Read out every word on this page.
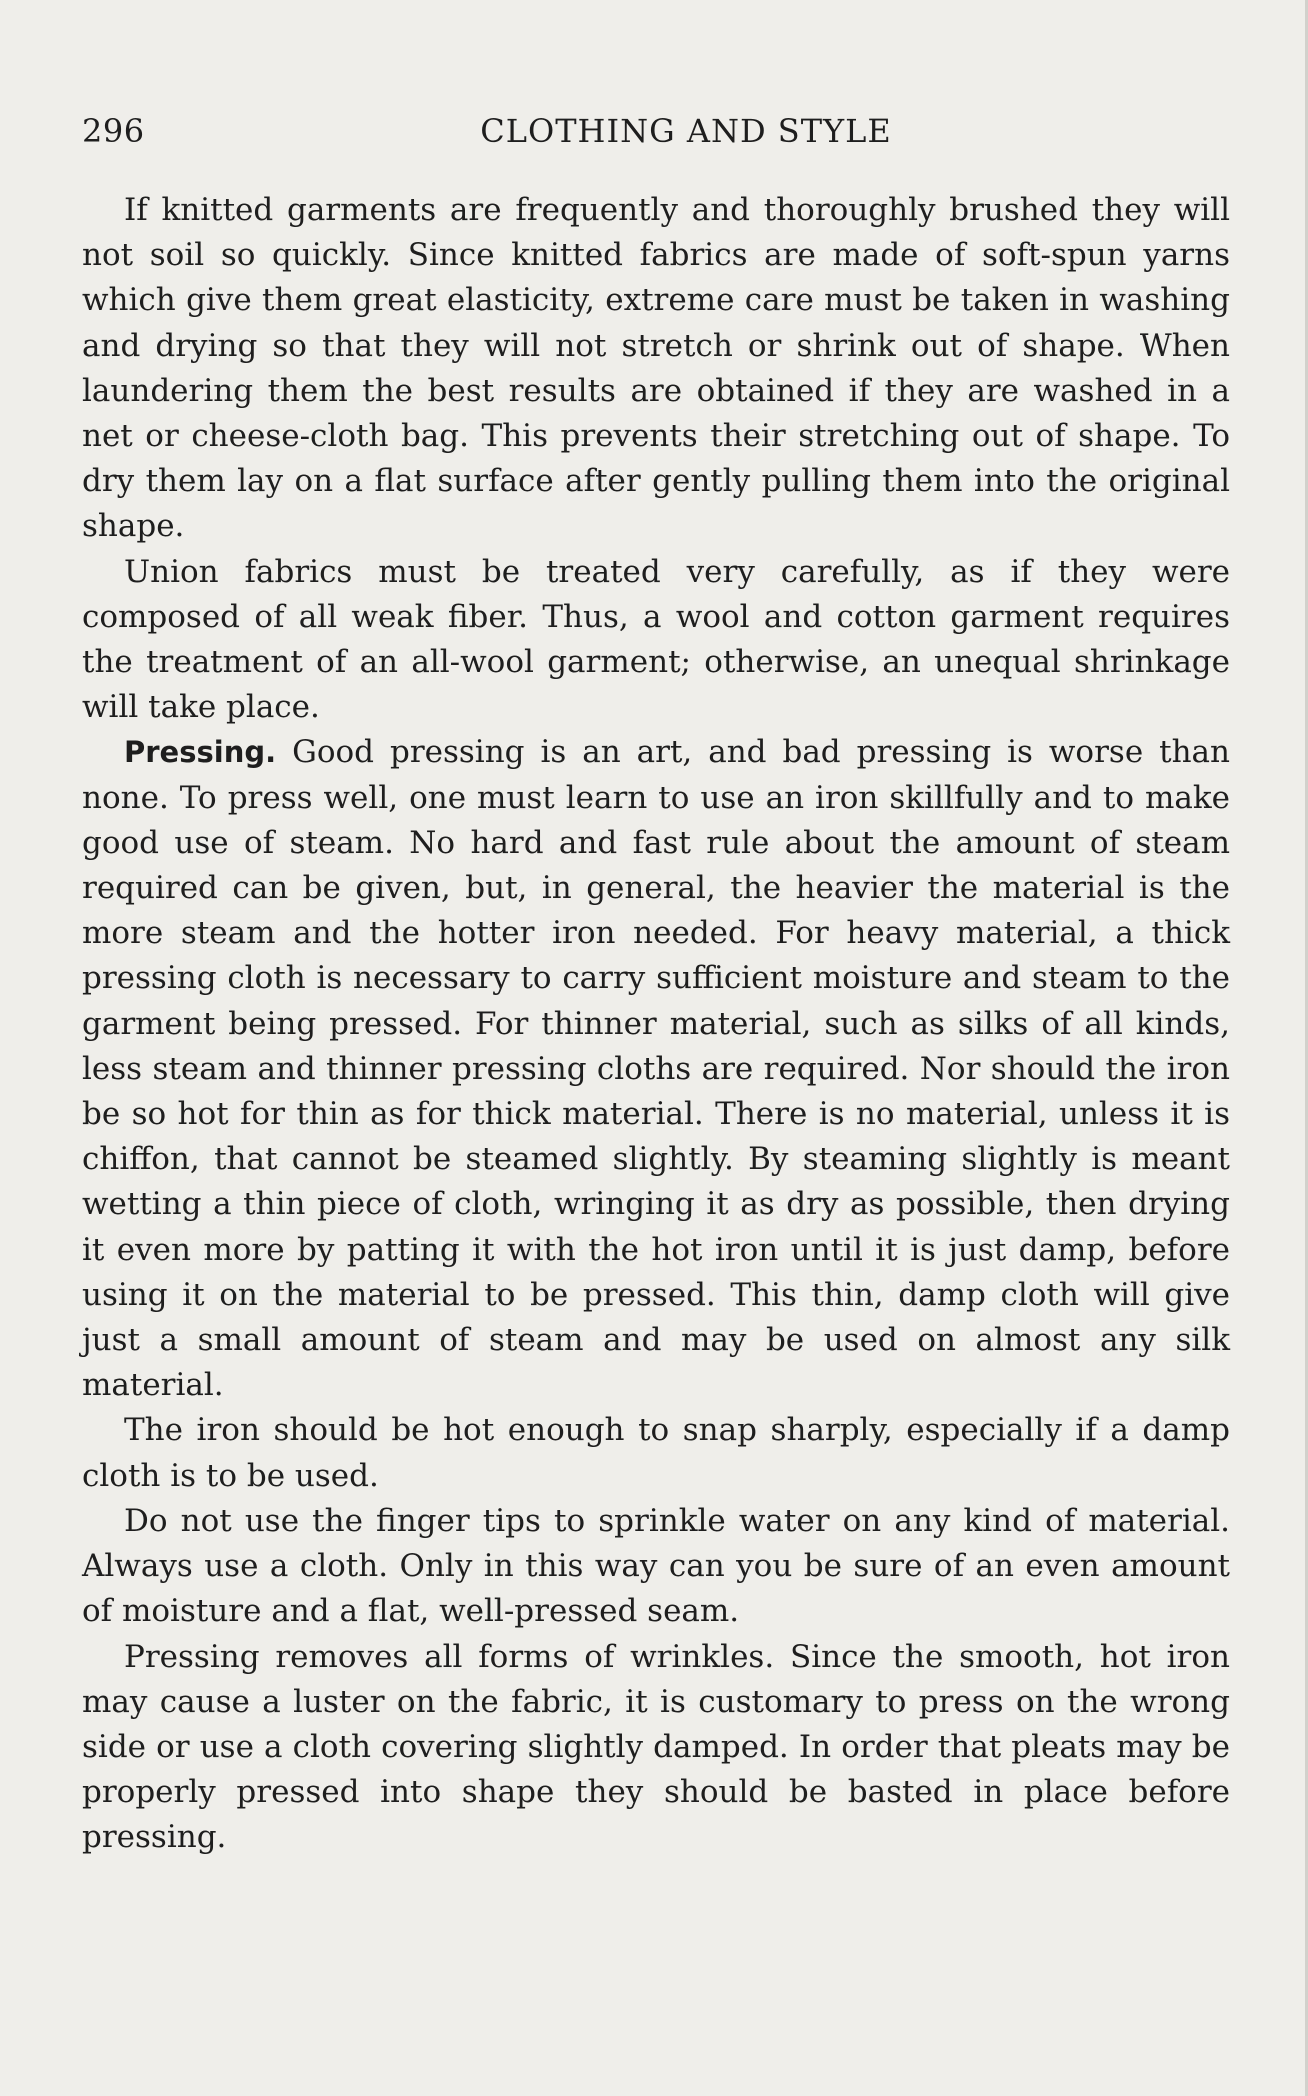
296	CLOTHING AND STYLE

If knitted garments are frequently and thoroughly brushed they will not soil so quickly. Since knitted fabrics are made of soft-spun yarns which give them great elasticity, extreme care must be taken in washing and drying so that they will not stretch or shrink out of shape. When laundering them the best results are obtained if they are washed in a net or cheese-cloth bag. This prevents their stretching out of shape. To dry them lay on a flat surface after gently pulling them into the original shape.

Union fabrics must be treated very carefully, as if they were composed of all weak fiber. Thus, a wool and cotton garment requires the treatment of an all-wool garment; otherwise, an unequal shrinkage will take place.

Pressing. Good pressing is an art, and bad pressing is worse than none. To press well, one must learn to use an iron skillfully and to make good use of steam. No hard and fast rule about the amount of steam required can be given, but, in general, the heavier the material is the more steam and the hotter iron needed. For heavy material, a thick pressing cloth is necessary to carry sufficient moisture and steam to the garment being pressed. For thinner material, such as silks of all kinds, less steam and thinner pressing cloths are required. Nor should the iron be so hot for thin as for thick material. There is no material, unless it is chiffon, that cannot be steamed slightly. By steaming slightly is meant wetting a thin piece of cloth, wringing it as dry as possible, then drying it even more by patting it with the hot iron until it is just damp, before using it on the material to be pressed. This thin, damp cloth will give just a small amount of steam and may be used on almost any silk material.

The iron should be hot enough to snap sharply, especially if a damp cloth is to be used.

Do not use the finger tips to sprinkle water on any kind of material. Always use a cloth. Only in this way can you be sure of an even amount of moisture and a flat, well-pressed seam.

Pressing removes all forms of wrinkles. Since the smooth, hot iron may cause a luster on the fabric, it is customary to press on the wrong side or use a cloth covering slightly damped. In order that pleats may be properly pressed into shape they should be basted in place before pressing.
